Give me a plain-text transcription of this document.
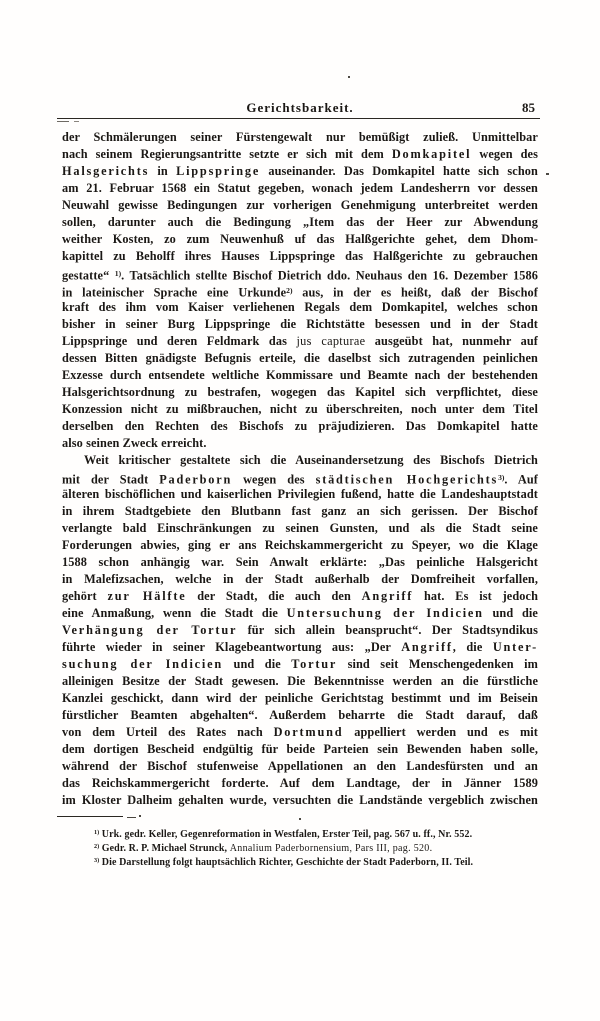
Gerichtsbarkeit.	85
der Schmälerungen seiner Fürstengewalt nur bemüßigt zuließ. Unmittelbar
nach seinem Regierungsantritte setzte er sich mit dem Domkapitel wegen des
Halsgerichts in Lippspringe auseinander. Das Domkapitel hatte sich schon
am 21. Februar 1568 ein Statut gegeben, wonach jedem Landesherrn vor dessen
Neuwahl gewisse Bedingungen zur vorherigen Genehmigung unterbreitet werden
sollen, darunter auch die Bedingung „Item das der Heer zur Abwendung
weither Kosten, zo zum Neuwenhuß uf das Halßgerichte gehet, dem Dhom-
kapittel zu Beholff ihres Hauses Lippspringe das Halßgerichte zu gebrauchen
gestatte“ $^{1)}$. Tatsächlich stellte Bischof Dietrich ddo. Neuhaus den 16. Dezember 1586
in lateinischer Sprache eine Urkunde$^{2)}$ aus, in der es heißt, daß der Bischof
kraft des ihm vom Kaiser verliehenen Regals dem Domkapitel, welches schon
bisher in seiner Burg Lippspringe die Richtstätte besessen und in der Stadt
Lippspringe und deren Feldmark das jus capturae ausgeübt hat, nunmehr auf
dessen Bitten gnädigste Befugnis erteile, die daselbst sich zutragenden peinlichen
Exzesse durch entsendete weltliche Kommissare und Beamte nach der bestehenden
Halsgerichtsordnung zu bestrafen, wogegen das Kapitel sich verpflichtet, diese
Konzession nicht zu mißbrauchen, nicht zu überschreiten, noch unter dem Titel
derselben den Rechten des Bischofs zu präjudizieren. Das Domkapitel hatte
also seinen Zweck erreicht.
Weit kritischer gestaltete sich die Auseinandersetzung des Bischofs Dietrich
mit der Stadt Paderborn wegen des städtischen Hochgerichts$^{3)}$. Auf
älteren bischöflichen und kaiserlichen Privilegien fußend, hatte die Landeshauptstadt
in ihrem Stadtgebiete den Blutbann fast ganz an sich gerissen. Der Bischof
verlangte bald Einschränkungen zu seinen Gunsten, und als die Stadt seine
Forderungen abwies, ging er ans Reichskammergericht zu Speyer, wo die Klage
1588 schon anhängig war. Sein Anwalt erklärte: „Das peinliche Halsgericht
in Malefizsachen, welche in der Stadt außerhalb der Domfreiheit vorfallen,
gehört zur Hälfte der Stadt, die auch den Angriff hat. Es ist jedoch
eine Anmaßung, wenn die Stadt die Untersuchung der Indicien und die
Verhängung der Tortur für sich allein beansprucht“. Der Stadtsyndikus
führte wieder in seiner Klagebeantwortung aus: „Der Angriff, die Unter-
suchung der Indicien und die Tortur sind seit Menschengedenken im
alleinigen Besitze der Stadt gewesen. Die Bekenntnisse werden an die fürstliche
Kanzlei geschickt, dann wird der peinliche Gerichtstag bestimmt und im Beisein
fürstlicher Beamten abgehalten“. Außerdem beharrte die Stadt darauf, daß
von dem Urteil des Rates nach Dortmund appelliert werden und es mit
dem dortigen Bescheid endgültig für beide Parteien sein Bewenden haben solle,
während der Bischof stufenweise Appellationen an den Landesfürsten und an
das Reichskammergericht forderte. Auf dem Landtage, der in Jänner 1589
im Kloster Dalheim gehalten wurde, versuchten die Landstände vergeblich zwischen
$^{1)}$ Urk. gedr. Keller, Gegenreformation in Westfalen, Erster Teil, pag. 567 u. ff., Nr. 552.
$^{2)}$ Gedr. R. P. Michael Strunck, Annalium Paderbornensium, Pars III, pag. 520.
$^{3)}$ Die Darstellung folgt hauptsächlich Richter, Geschichte der Stadt Paderborn, II. Teil.
